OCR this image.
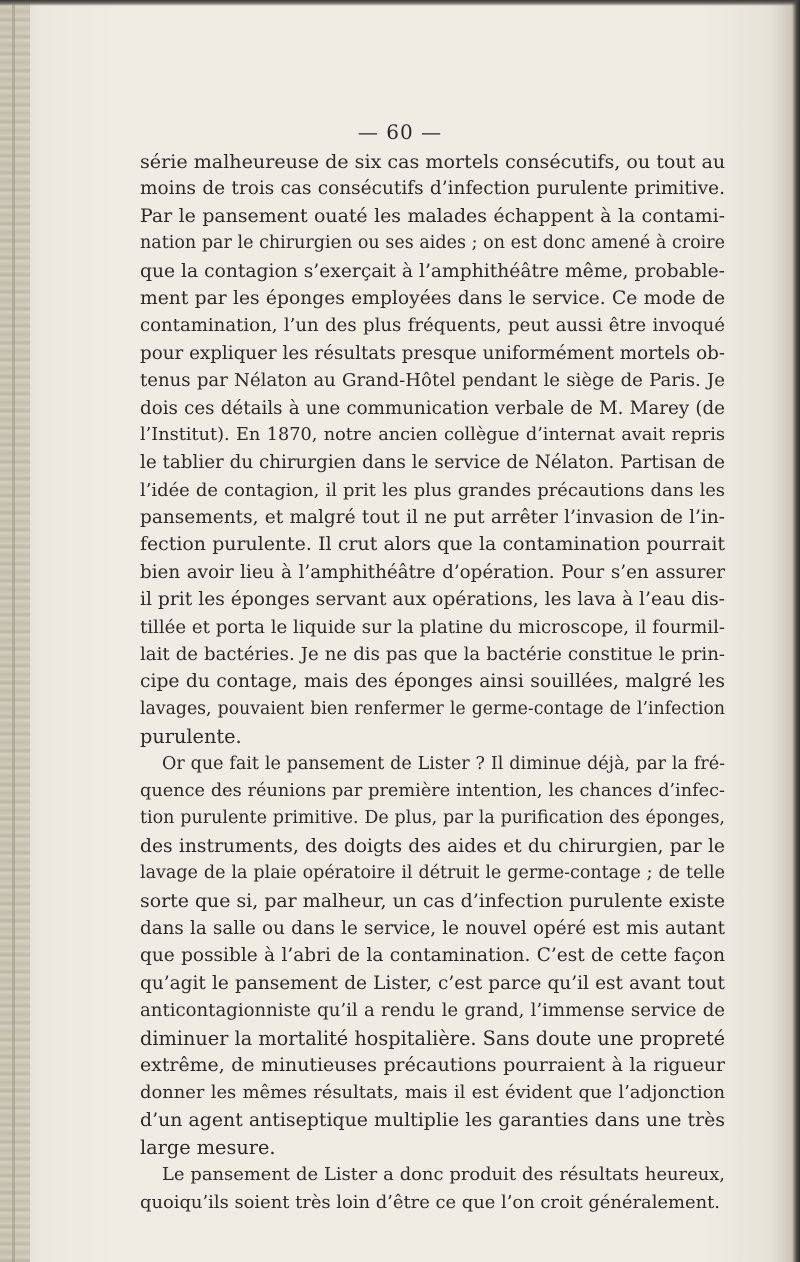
— 60 —
série malheureuse de six cas mortels consécutifs, ou tout au
moins de trois cas consécutifs d’infection purulente primitive.
Par le pansement ouaté les malades échappent à la contami-
nation par le chirurgien ou ses aides ; on est donc amené à croire
que la contagion s’exerçait à l’amphithéâtre même, probable-
ment par les éponges employées dans le service. Ce mode de
contamination, l’un des plus fréquents, peut aussi être invoqué
pour expliquer les résultats presque uniformément mortels ob-
tenus par Nélaton au Grand-Hôtel pendant le siège de Paris. Je
dois ces détails à une communication verbale de M. Marey (de
l’Institut). En 1870, notre ancien collègue d’internat avait repris
le tablier du chirurgien dans le service de Nélaton. Partisan de
l’idée de contagion, il prit les plus grandes précautions dans les
pansements, et malgré tout il ne put arrêter l’invasion de l’in-
fection purulente. Il crut alors que la contamination pourrait
bien avoir lieu à l’amphithéâtre d’opération. Pour s’en assurer
il prit les éponges servant aux opérations, les lava à l’eau dis-
tillée et porta le liquide sur la platine du microscope, il fourmil-
lait de bactéries. Je ne dis pas que la bactérie constitue le prin-
cipe du contage, mais des éponges ainsi souillées, malgré les
lavages, pouvaient bien renfermer le germe-contage de l’infection
purulente.
Or que fait le pansement de Lister ? Il diminue déjà, par la fré-
quence des réunions par première intention, les chances d’infec-
tion purulente primitive. De plus, par la purification des éponges,
des instruments, des doigts des aides et du chirurgien, par le
lavage de la plaie opératoire il détruit le germe-contage ; de telle
sorte que si, par malheur, un cas d’infection purulente existe
dans la salle ou dans le service, le nouvel opéré est mis autant
que possible à l’abri de la contamination. C’est de cette façon
qu’agit le pansement de Lister, c’est parce qu’il est avant tout
anticontagionniste qu’il a rendu le grand, l’immense service de
diminuer la mortalité hospitalière. Sans doute une propreté
extrême, de minutieuses précautions pourraient à la rigueur
donner les mêmes résultats, mais il est évident que l’adjonction
d’un agent antiseptique multiplie les garanties dans une très
large mesure.
Le pansement de Lister a donc produit des résultats heureux,
quoiqu’ils soient très loin d’être ce que l’on croit généralement.
